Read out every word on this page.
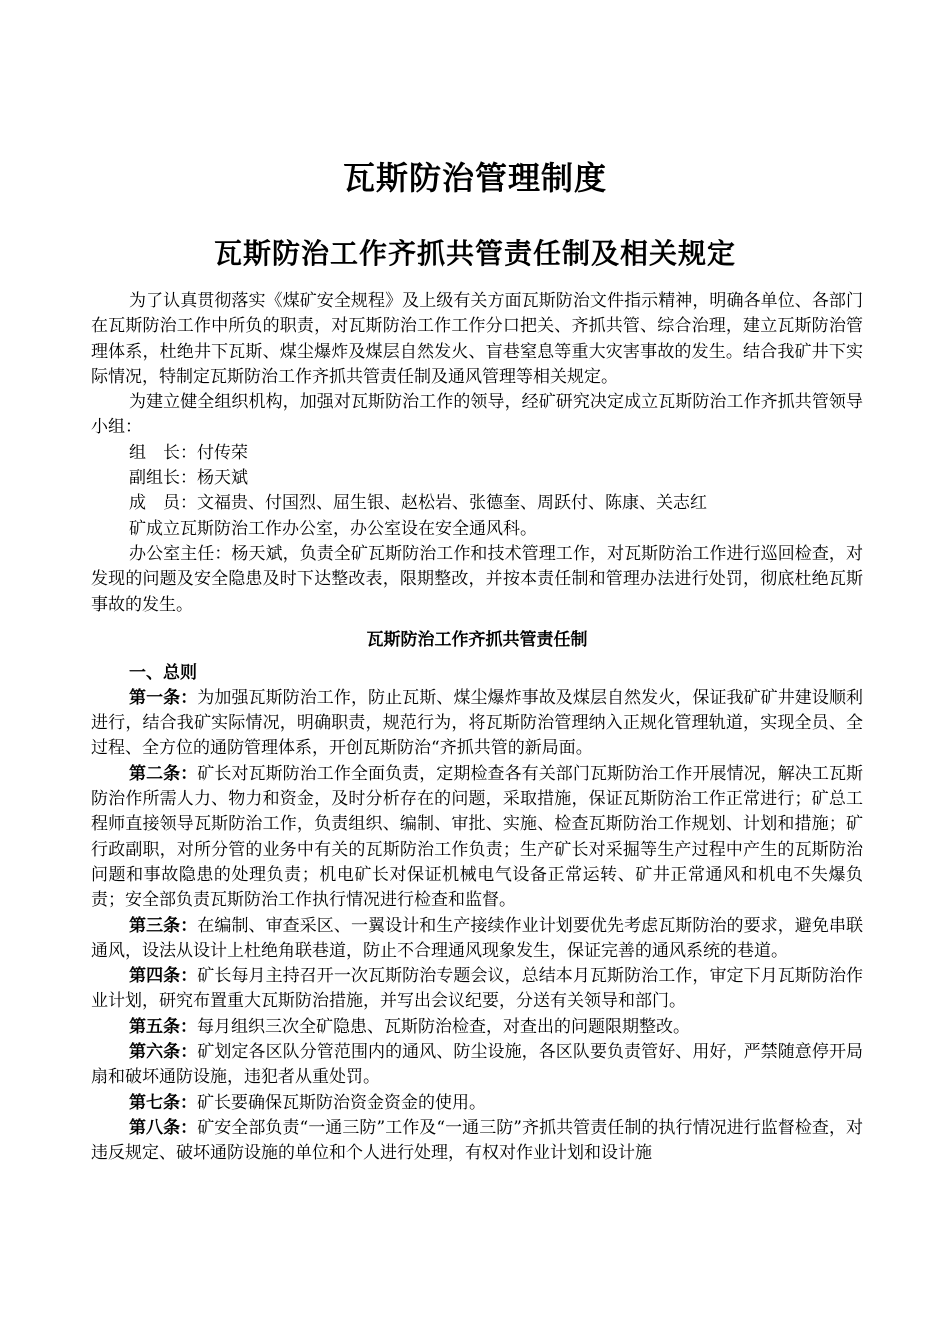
瓦斯防治管理制度
瓦斯防治工作齐抓共管责任制及相关规定

为了认真贯彻落实《煤矿安全规程》及上级有关方面瓦斯防治文件指示精神，明确各单位、各部门在瓦斯防治工作中所负的职责，对瓦斯防治工作工作分口把关、齐抓共管、综合治理，建立瓦斯防治管理体系，杜绝井下瓦斯、煤尘爆炸及煤层自然发火、盲巷窒息等重大灾害事故的发生。结合我矿井下实际情况，特制定瓦斯防治工作齐抓共管责任制及通风管理等相关规定。

为建立健全组织机构，加强对瓦斯防治工作的领导，经矿研究决定成立瓦斯防治工作齐抓共管领导小组：

组　长：付传荣

副组长：杨天斌

成　员：文福贵、付国烈、屈生银、赵松岩、张德奎、周跃付、陈康、关志红

矿成立瓦斯防治工作办公室，办公室设在安全通风科。

办公室主任：杨天斌，负责全矿瓦斯防治工作和技术管理工作，对瓦斯防治工作进行巡回检查，对发现的问题及安全隐患及时下达整改表，限期整改，并按本责任制和管理办法进行处罚，彻底杜绝瓦斯事故的发生。

瓦斯防治工作齐抓共管责任制

一、总则

第一条：为加强瓦斯防治工作，防止瓦斯、煤尘爆炸事故及煤层自然发火，保证我矿矿井建设顺利进行，结合我矿实际情况，明确职责，规范行为，将瓦斯防治管理纳入正规化管理轨道，实现全员、全过程、全方位的通防管理体系，开创瓦斯防治“齐抓共管的新局面。

第二条：矿长对瓦斯防治工作全面负责，定期检查各有关部门瓦斯防治工作开展情况，解决工瓦斯防治作所需人力、物力和资金，及时分析存在的问题，采取措施，保证瓦斯防治工作正常进行；矿总工程师直接领导瓦斯防治工作，负责组织、编制、审批、实施、检查瓦斯防治工作规划、计划和措施；矿行政副职，对所分管的业务中有关的瓦斯防治工作负责；生产矿长对采掘等生产过程中产生的瓦斯防治问题和事故隐患的处理负责；机电矿长对保证机械电气设备正常运转、矿井正常通风和机电不失爆负责；安全部负责瓦斯防治工作执行情况进行检查和监督。

第三条：在编制、审查采区、一翼设计和生产接续作业计划要优先考虑瓦斯防治的要求，避免串联通风，设法从设计上杜绝角联巷道，防止不合理通风现象发生，保证完善的通风系统的巷道。

第四条：矿长每月主持召开一次瓦斯防治专题会议，总结本月瓦斯防治工作，审定下月瓦斯防治作业计划，研究布置重大瓦斯防治措施，并写出会议纪要，分送有关领导和部门。

第五条：每月组织三次全矿隐患、瓦斯防治检查，对查出的问题限期整改。

第六条：矿划定各区队分管范围内的通风、防尘设施，各区队要负责管好、用好，严禁随意停开局扇和破坏通防设施，违犯者从重处罚。

第七条：矿长要确保瓦斯防治资金资金的使用。

第八条：矿安全部负责“一通三防”工作及“一通三防”齐抓共管责任制的执行情况进行监督检查，对违反规定、破坏通防设施的单位和个人进行处理，有权对作业计划和设计施
